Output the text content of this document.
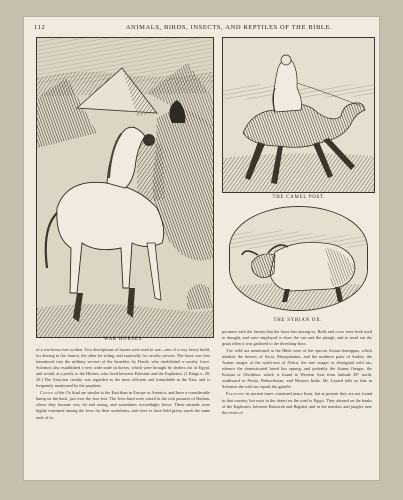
112	ANIMALS, BIRDS, INSECTS, AND REPTILES OF THE BIBLE.
WAR HORSES.
THE CAMEL POST.
THE SYRIAN OX.

of a war horse ever written. Two descriptions of horses were used in war—one of a very heavy build, for driving in the chariot, the other for riding, and especially for cavalry service. The horse was first introduced into the military service of the Israelites by David, who established a cavalry force. Solomon also established a very wide trade in horses, which were brought by dealers out of Egypt, and would, at a profit, to the Hittites, who lived between Palestine and the Euphrates. (1 Kings x. 28, 29.) The Assyrian cavalry was regarded as the most efficient and formidable in the East, and is frequently mentioned by the prophets.

Cattle of the Ox kind are similar to the East than in Europe or America, and have a considerable hump on the back, just over the fore feet. The Jews kind were raised in the rich pastures of Bashan, where they became very fat and strong, and sometimes exceedingly fierce. These animals were highly esteemed among the Jews for their usefulness, and were to have held pretty much the same rank of its

portance with the farmer that the horse has among us. Bulls and cows were both used to draught, and were employed to draw the cart and the plough, and to tread out the grain when it was gathered to the threshing-floor.

The wild ass mentioned in the Bible were of the species Asinus hemippus, which inhabits the deserts of Syria, Mesopotamia, and the northern parts of Arabia; the Asinus onager of the north-east of Africa, the true onager or aboriginal wild ass, whence the domesticated breed has sprung; and probably the Asinus Onager, the Koulan or Ghorkhur, which is found in Western Asia from latitude 48° north, southward to Persia, Beloochistan, and Western India. Mr. Layard tells us that in Solomon the wild ass equals the gazelle.

Palestine in ancient times contained many lions, but at present they are not found in that country, but exist in the desert on the road to Egypt. They abound on the banks of the Euphrates, between Bussorah and Bagdad, and in the marshes and jungles near the rivers of
